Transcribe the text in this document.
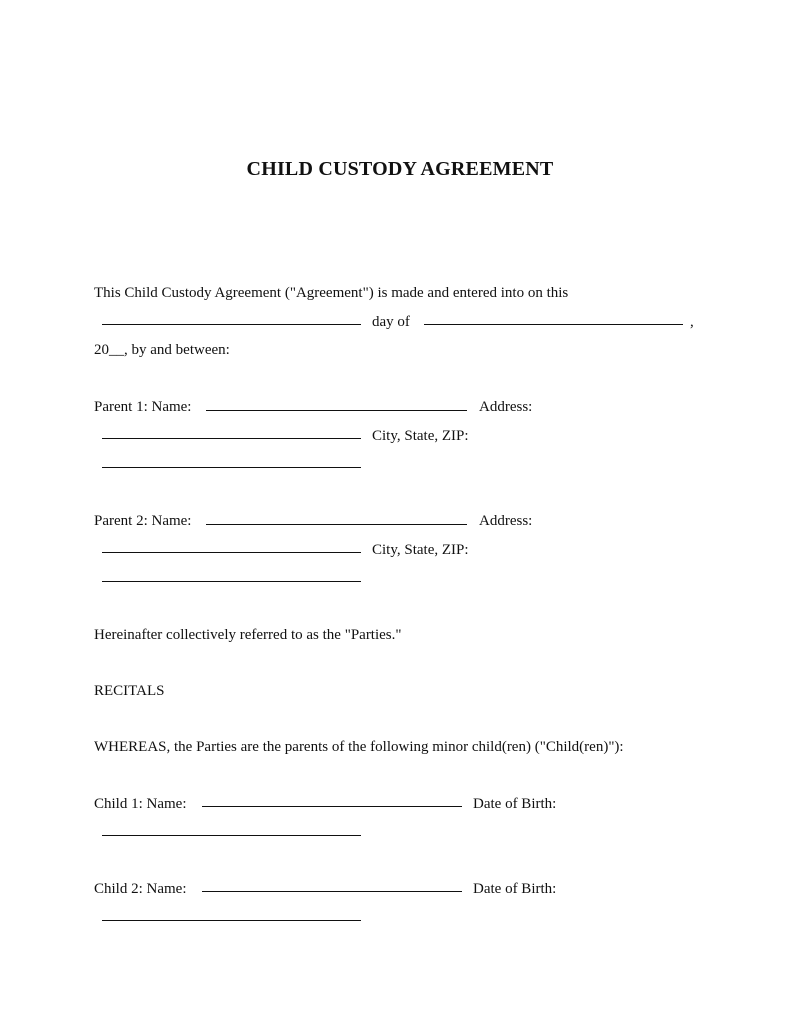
CHILD CUSTODY AGREEMENT
This Child Custody Agreement ("Agreement") is made and entered into on this
day of	,
20__, by and between:
Parent 1: Name:	Address:
City, State, ZIP:
Parent 2: Name:	Address:
City, State, ZIP:
Hereinafter collectively referred to as the "Parties."
RECITALS
WHEREAS, the Parties are the parents of the following minor child(ren) ("Child(ren)"):
Child 1: Name:	Date of Birth:
Child 2: Name:	Date of Birth:
